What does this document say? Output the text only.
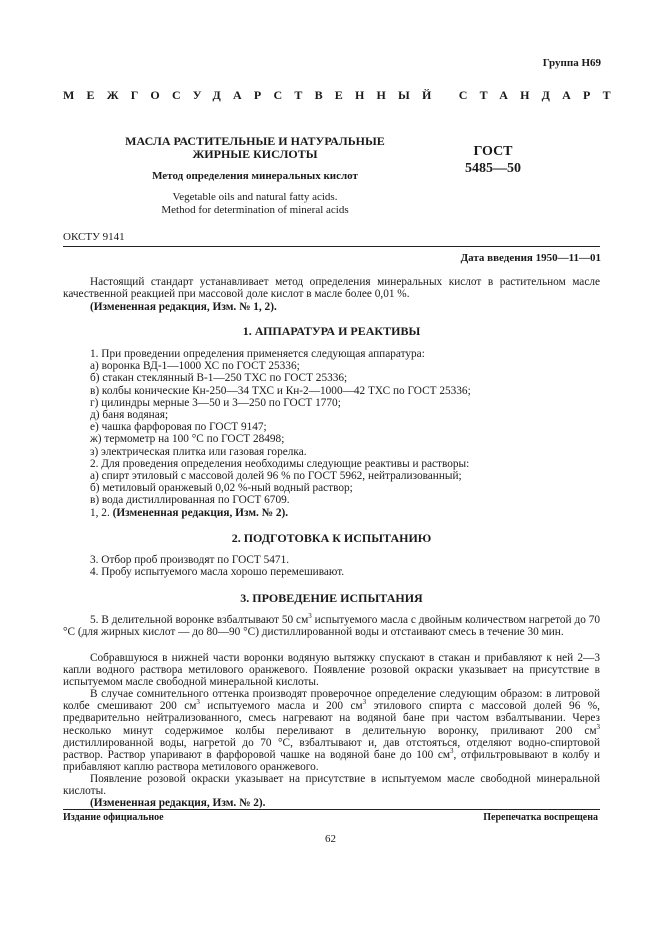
Группа Н69
МЕЖГОСУДАРСТВЕННЫЙ СТАНДАРТ
МАСЛА РАСТИТЕЛЬНЫЕ И НАТУРАЛЬНЫЕ
ЖИРНЫЕ КИСЛОТЫ
Метод определения минеральных кислот
Vegetable oils and natural fatty acids.
Method for determination of mineral acids
ГОСТ
5485—50
ОКСТУ 9141
Дата введения 1950—11—01
Настоящий стандарт устанавливает метод определения минеральных кислот в растительном масле качественной реакцией при массовой доле кислот в масле более 0,01 %.
(Измененная редакция, Изм. № 1, 2).
1. АППАРАТУРА И РЕАКТИВЫ
1. При проведении определения применяется следующая аппаратура:
а) воронка ВД-1—1000 ХС по ГОСТ 25336;
б) стакан стеклянный В-1—250 ТХС по ГОСТ 25336;
в) колбы конические Кн-250—34 ТХС и Кн-2—1000—42 ТХС по ГОСТ 25336;
г) цилиндры мерные 3—50 и 3—250 по ГОСТ 1770;
д) баня водяная;
е) чашка фарфоровая по ГОСТ 9147;
ж) термометр на 100 °С по ГОСТ 28498;
з) электрическая плитка или газовая горелка.
2. Для проведения определения необходимы следующие реактивы и растворы:
а) спирт этиловый с массовой долей 96 % по ГОСТ 5962, нейтрализованный;
б) метиловый оранжевый 0,02 %-ный водный раствор;
в) вода дистиллированная по ГОСТ 6709.
1, 2. (Измененная редакция, Изм. № 2).
2. ПОДГОТОВКА К ИСПЫТАНИЮ
3. Отбор проб производят по ГОСТ 5471.
4. Пробу испытуемого масла хорошо перемешивают.
3. ПРОВЕДЕНИЕ ИСПЫТАНИЯ
5. В делительной воронке взбалтывают 50 $см^3$ испытуемого масла с двойным количеством нагретой до 70 °С (для жирных кислот — до 80—90 °С) дистиллированной воды и отстаивают смесь в течение 30 мин.
Собравшуюся в нижней части воронки водяную вытяжку спускают в стакан и прибавляют к ней 2—3 капли водного раствора метилового оранжевого. Появление розовой окраски указывает на присутствие в испытуемом масле свободной минеральной кислоты.
В случае сомнительного оттенка производят проверочное определение следующим образом: в литровой колбе смешивают 200 $см^3$ испытуемого масла и 200 $см^3$ этилового спирта с массовой долей 96 %, предварительно нейтрализованного, смесь нагревают на водяной бане при частом взбалтывании. Через несколько минут содержимое колбы переливают в делительную воронку, приливают 200 $см^3$ дистиллированной воды, нагретой до 70 °С, взбалтывают и, дав отстояться, отделяют водно-спиртовой раствор. Раствор упаривают в фарфоровой чашке на водяной бане до 100 $см^3$, отфильтровывают в колбу и прибавляют каплю раствора метилового оранжевого.
Появление розовой окраски указывает на присутствие в испытуемом масле свободной минеральной кислоты.
(Измененная редакция, Изм. № 2).
Издание официальное	Перепечатка воспрещена
62
